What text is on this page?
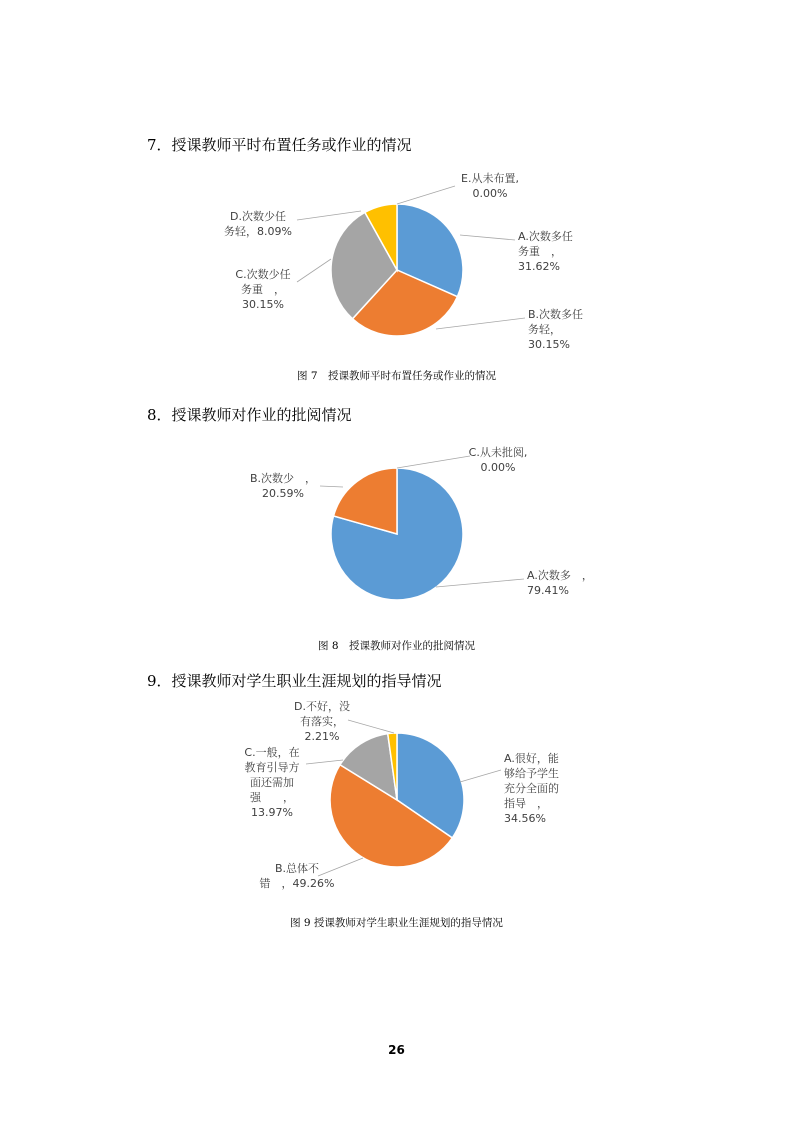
7．授课教师平时布置任务或作业的情况
A.次数多任务重　， 31.62%
B.次数多任务轻， 30.15%
C.次数少任务重　， 30.15%
D.次数少任务轻，8.09%
E.从未布置, 0.00%
图 7　授课教师平时布置任务或作业的情况
8．授课教师对作业的批阅情况
A.次数多　， 79.41%
B.次数少　， 20.59%
C.从未批阅, 0.00%
图 8　授课教师对作业的批阅情况
9．授课教师对学生职业生涯规划的指导情况
A.很好，能够给予学生充分全面的指导　， 34.56%
B.总体不错　，49.26%
C.一般，在教育引导方面还需加强　　， 13.97%
D.不好，没有落实， 2.21%
图 9 授课教师对学生职业生涯规划的指导情况
26
